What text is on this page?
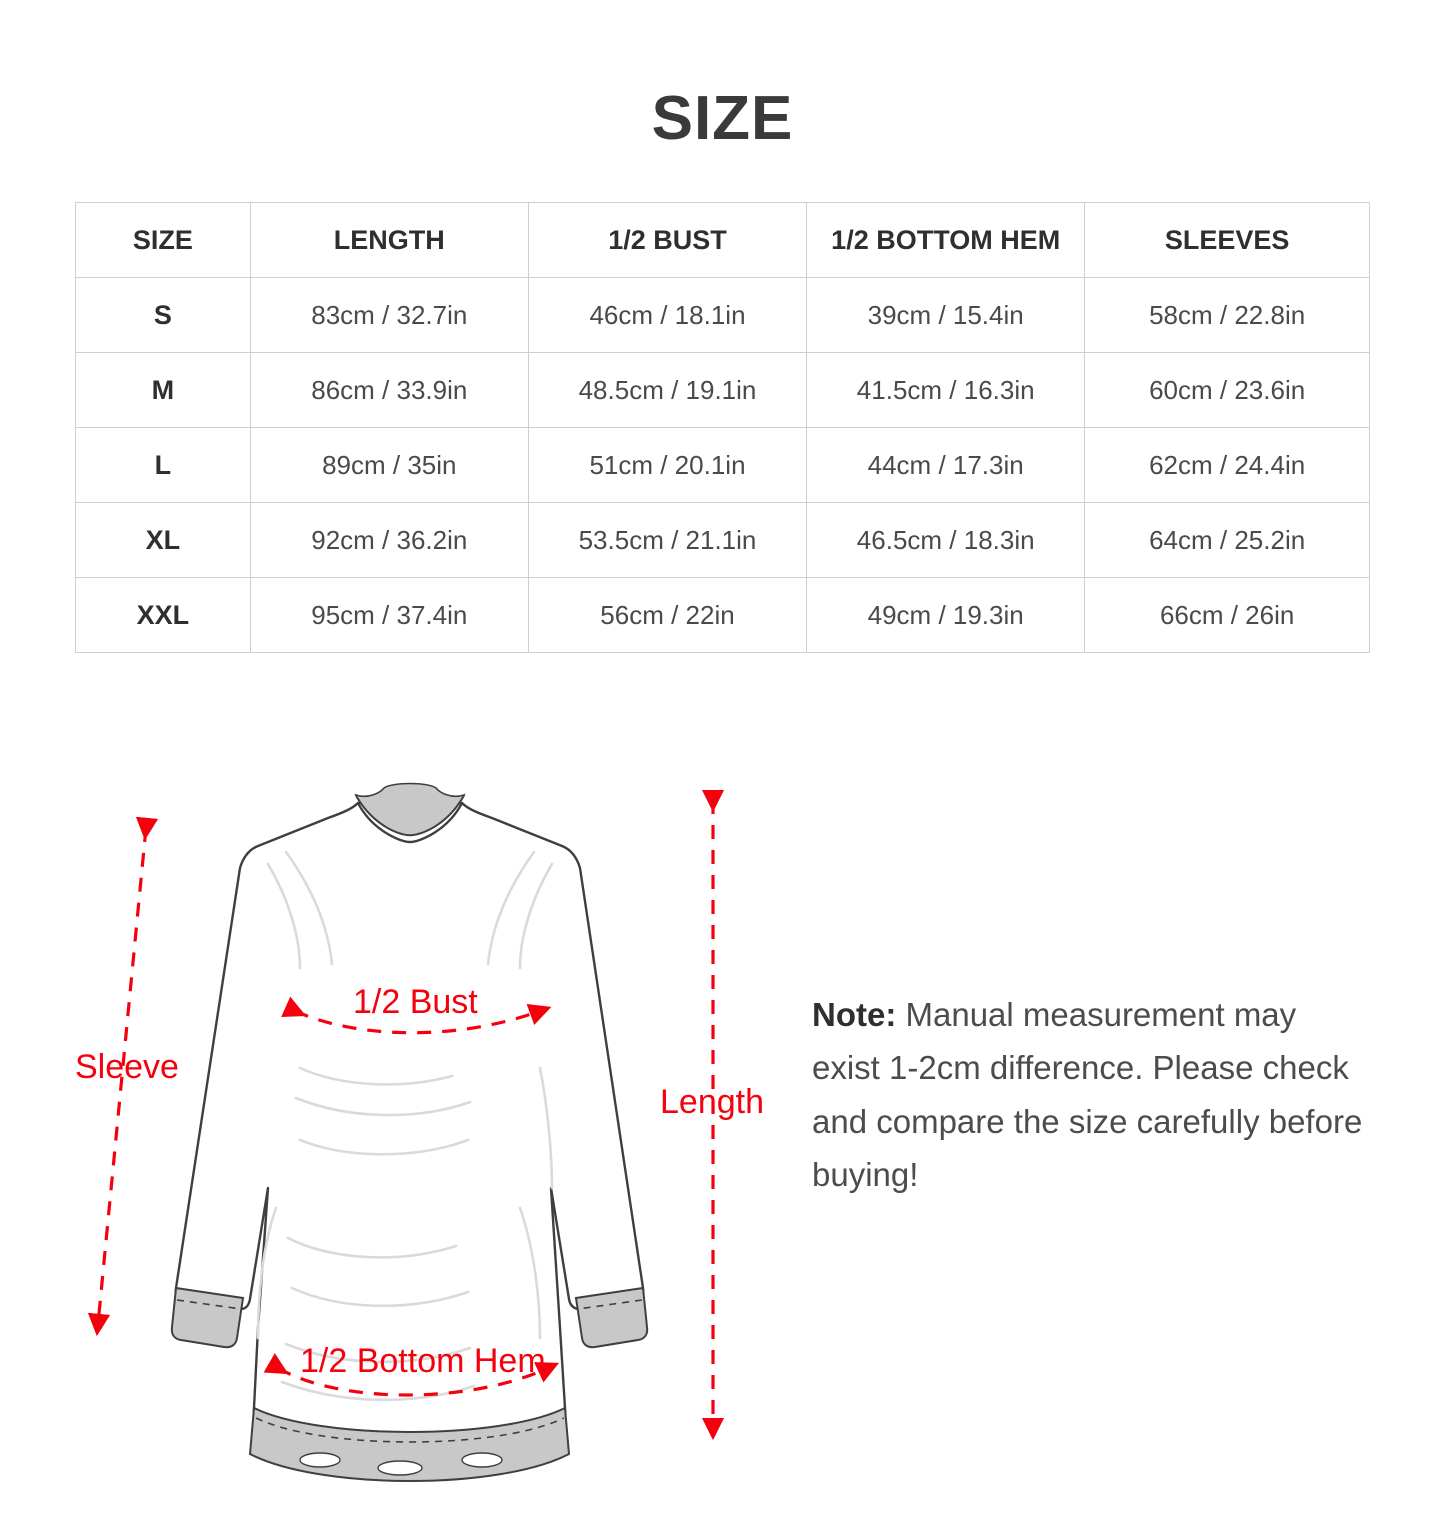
SIZE
SIZE	LENGTH	1/2 BUST	1/2 BOTTOM HEM	SLEEVES
S	83cm / 32.7in	46cm / 18.1in	39cm / 15.4in	58cm / 22.8in
M	86cm / 33.9in	48.5cm / 19.1in	41.5cm / 16.3in	60cm / 23.6in
L	89cm / 35in	51cm / 20.1in	44cm / 17.3in	62cm / 24.4in
XL	92cm / 36.2in	53.5cm / 21.1in	46.5cm / 18.3in	64cm / 25.2in
XXL	95cm / 37.4in	56cm / 22in	49cm / 19.3in	66cm / 26in
Sleeve
1/2 Bust
1/2 Bottom Hem
Length
Note: Manual measurement may exist 1-2cm difference. Please check and compare the size carefully before buying!
